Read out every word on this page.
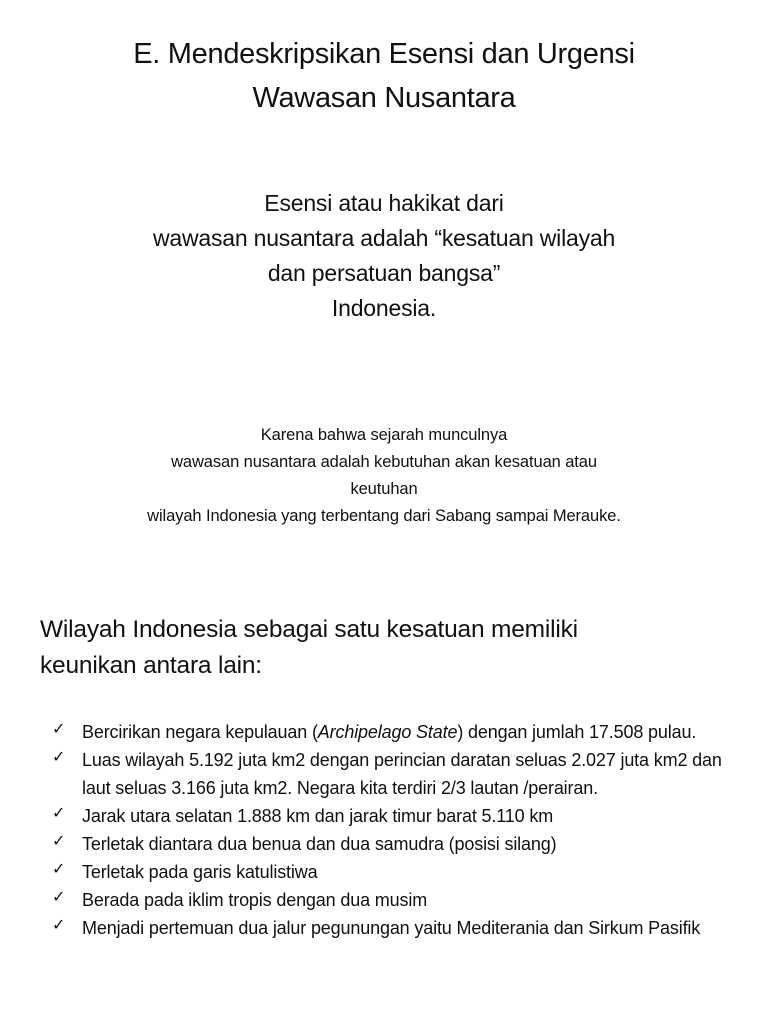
E. Mendeskripsikan Esensi dan Urgensi
Wawasan Nusantara
Esensi atau hakikat dari
wawasan nusantara adalah “kesatuan wilayah
dan persatuan bangsa”
Indonesia.
Karena bahwa sejarah munculnya
wawasan nusantara adalah kebutuhan akan kesatuan atau
keutuhan
wilayah Indonesia yang terbentang dari Sabang sampai Merauke.
Wilayah Indonesia sebagai satu kesatuan memiliki
keunikan antara lain:
✓ Bercirikan negara kepulauan (Archipelago State) dengan jumlah 17.508 pulau.
✓ Luas wilayah 5.192 juta km2 dengan perincian daratan seluas 2.027 juta km2 dan laut seluas 3.166 juta km2. Negara kita terdiri 2/3 lautan /perairan.
✓ Jarak utara selatan 1.888 km dan jarak timur barat 5.110 km
✓ Terletak diantara dua benua dan dua samudra (posisi silang)
✓ Terletak pada garis katulistiwa
✓ Berada pada iklim tropis dengan dua musim
✓ Menjadi pertemuan dua jalur pegunungan yaitu Mediterania dan Sirkum Pasifik
